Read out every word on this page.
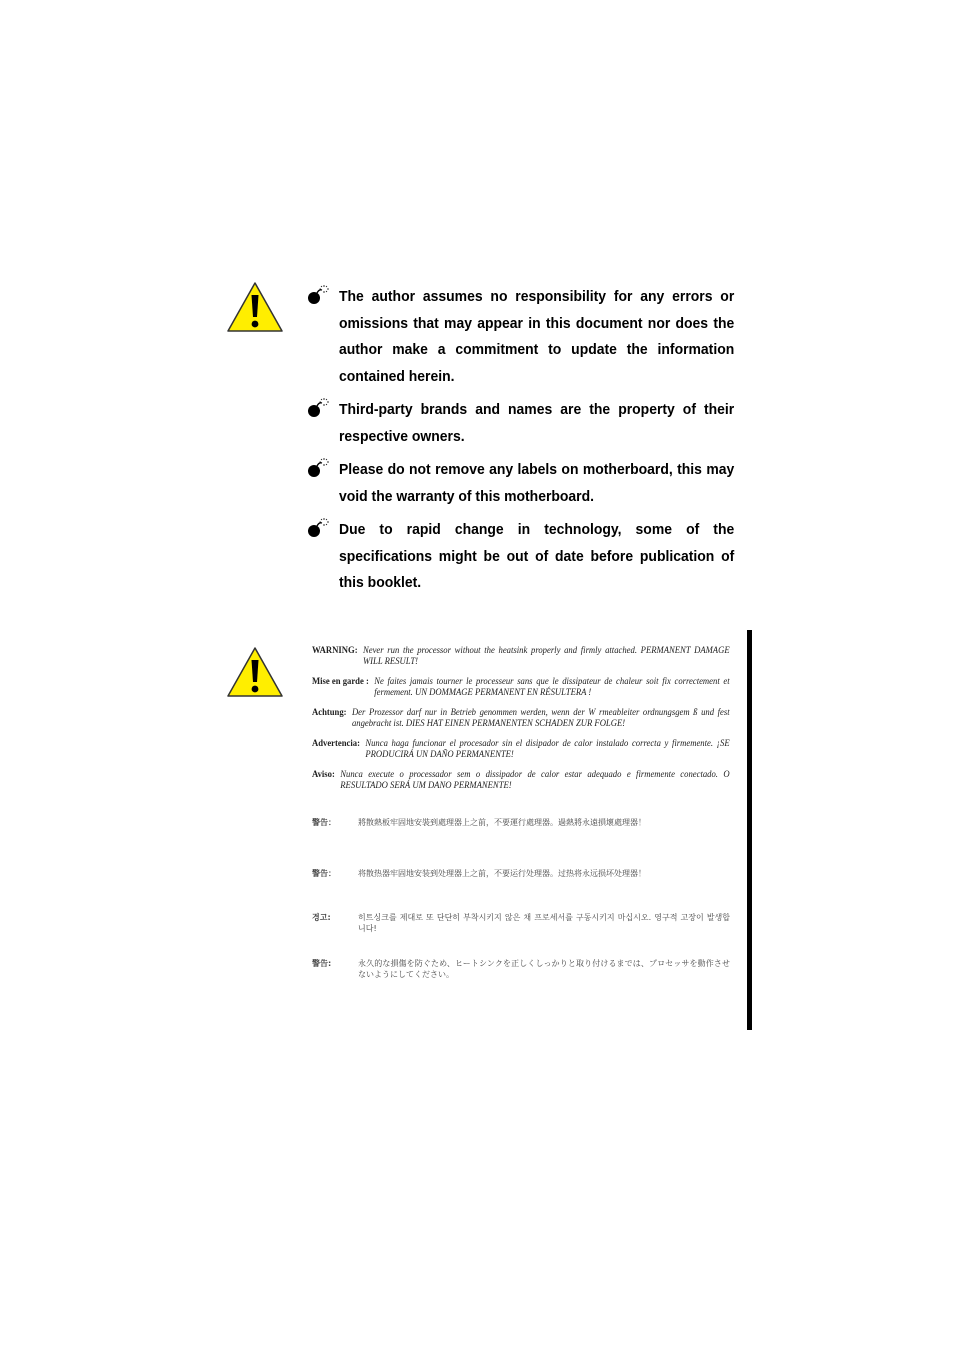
The author assumes no responsibility for any errors or omissions that may appear in this document nor does the author make a commitment to update the information contained herein.
Third-party brands and names are the property of their respective owners.
Please do not remove any labels on motherboard, this may void the warranty of this motherboard.
Due to rapid change in technology, some of the specifications might be out of date before publication of this booklet.
WARNING: Never run the processor without the heatsink properly and firmly attached. PERMANENT DAMAGE WILL RESULT!
Mise en garde : Ne faites jamais tourner le processeur sans que le dissipateur de chaleur soit fix correctement et fermement. UN DOMMAGE PERMANENT EN RÉSULTERA !
Achtung: Der Prozessor darf nur in Betrieb genommen werden, wenn der W rmeableiter ordnungsgem ß und fest angebracht ist. DIES HAT EINEN PERMANENTEN SCHADEN ZUR FOLGE!
Advertencia: Nunca haga funcionar el procesador sin el disipador de calor instalado correcta y firmemente. ¡SE PRODUCIRÁ UN DAÑO PERMANENTE!
Aviso: Nunca execute o processador sem o dissipador de calor estar adequado e firmemente conectado. O RESULTADO SERÁ UM DANO PERMANENTE!
警告：	將散熱板牢固地安裝到處理器上之前，不要運行處理器。過熱將永遠損壞處理器！
警告：	将散热器牢固地安装到处理器上之前，不要运行处理器。过热将永远损坏处理器！
경고:	히트싱크를 제대로 또 단단히 부착시키지 않은 채 프로세서를 구동시키지 마십시오. 영구적 고장이 발생합니다!
警告:	永久的な損傷を防ぐため、ヒートシンクを正しくしっかりと取り付けるまでは、プロセッサを動作させないようにしてください。
